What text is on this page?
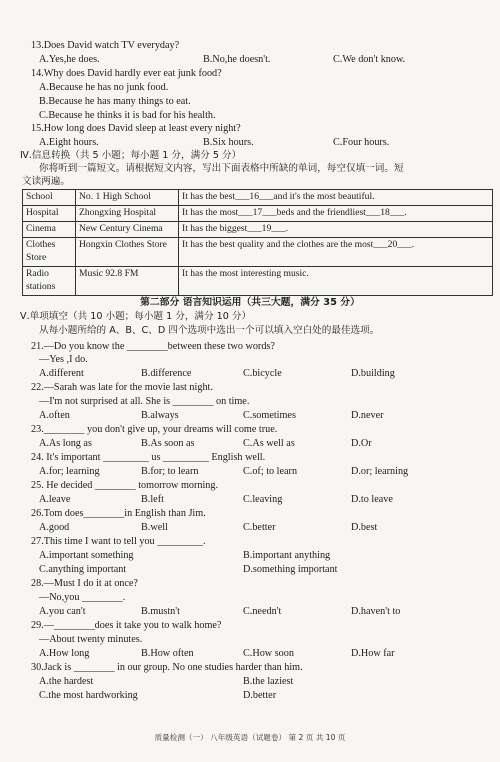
13.Does David watch TV everyday?
A.Yes,he does.	B.No,he doesn't.	C.We don't know.
14.Why does David hardly ever eat junk food?
A.Because he has no junk food.
B.Because he has many things to eat.
C.Because he thinks it is bad for his health.
15.How long does David sleep at least every night?
A.Eight hours.	B.Six hours.	C.Four hours.
Ⅳ.信息转换（共 5 小题；每小题 1 分，满分 5 分）
你将听到一篇短文。请根据短文内容，写出下面表格中所缺的单词，每空仅填一词。短
文读两遍。
School	No. 1 High School	It has the best___16___and it's the most beautiful.
Hospital	Zhongxing Hospital	It has the most___17___beds and the friendliest___18___.
Cinema	New Century Cinema	It has the biggest___19___.
Clothes Store	Hongxin Clothes Store	It has the best quality and the clothes are the most___20___.
Radio stations	Music 92.8 FM	It has the most interesting music.
第二部分 语言知识运用（共三大题，满分 35 分）
Ⅴ.单项填空（共 10 小题；每小题 1 分，满分 10 分）
从每小题所给的 A、B、C、D 四个选项中选出一个可以填入空白处的最佳选项。
21.—Do you know the ________between these two words?
—Yes ,I do.
A.different	B.difference	C.bicycle	D.building
22.—Sarah was late for the movie last night.
—I'm not surprised at all. She is ________ on time.
A.often	B.always	C.sometimes	D.never
23.________ you don't give up, your dreams will come true.
A.As long as	B.As soon as	C.As well as	D.Or
24. It's important _________ us _________ English well.
A.for; learning	B.for; to learn	C.of; to learn	D.or; learning
25. He decided ________ tomorrow morning.
A.leave	B.left	C.leaving	D.to leave
26.Tom does________in English than Jim.
A.good	B.well	C.better	D.best
27.This time I want to tell you _________.
A.important something	B.important anything
C.anything important	D.something important
28.—Must I do it at once?
—No,you ________.
A.you can't	B.mustn't	C.needn't	D.haven't to
29.—________does it take you to walk home?
—About twenty minutes.
A.How long	B.How often	C.How soon	D.How far
30.Jack is ________ in our group. No one studies harder than him.
A.the hardest	B.the laziest
C.the most hardworking	D.better
质量检测（一） 八年级英语（试题卷） 第 2 页 共 10 页
